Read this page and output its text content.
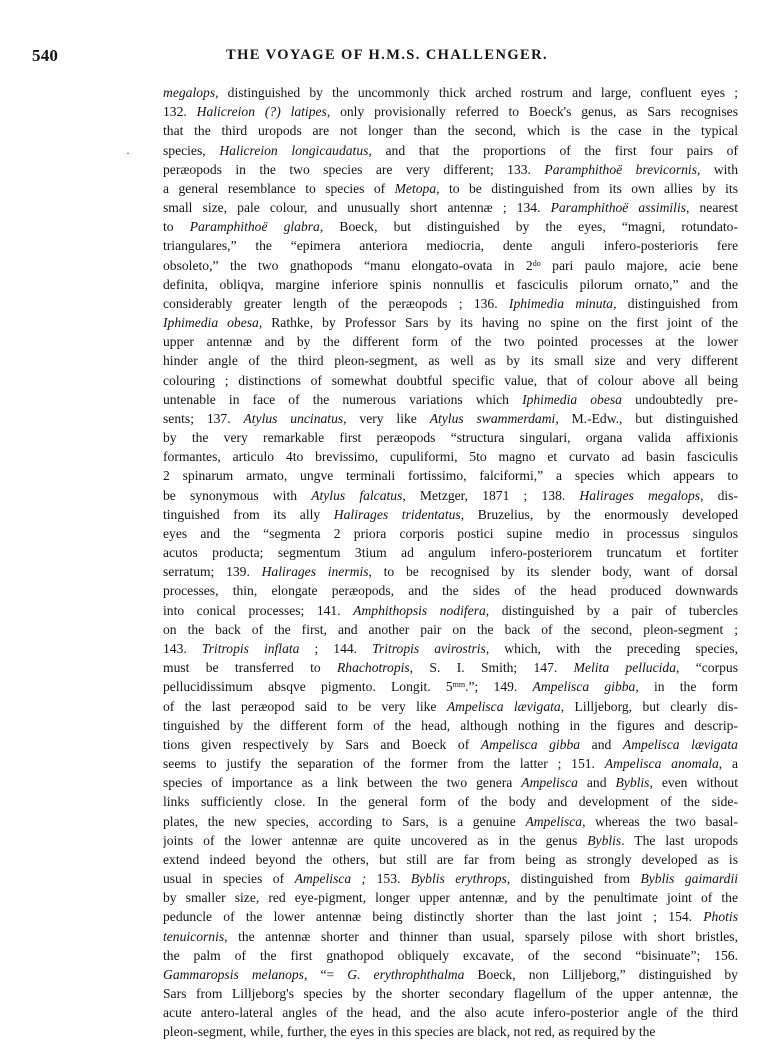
540	THE VOYAGE OF H.M.S. CHALLENGER.
·
megalops, distinguished by the uncommonly thick arched rostrum and large, confluent eyes ;
132. Halicreion (?) latipes, only provisionally referred to Boeck's genus, as Sars recognises
that the third uropods are not longer than the second, which is the case in the typical
species, Halicreion longicaudatus, and that the proportions of the first four pairs of
peræopods in the two species are very different; 133. Paramphithoë brevicornis, with
a general resemblance to species of Metopa, to be distinguished from its own allies by its
small size, pale colour, and unusually short antennæ ; 134. Paramphithoë assimilis, nearest
to Paramphithoë glabra, Boeck, but distinguished by the eyes, “magni, rotundato-
triangulares,” the “epimera anteriora mediocria, dente anguli infero-posterioris fere
obsoleto,” the two gnathopods “manu elongato-ovata in $2^{do}$ pari paulo majore, acie bene
definita, obliqva, margine inferiore spinis nonnullis et fasciculis pilorum ornato,” and the
considerably greater length of the peræopods ; 136. Iphimedia minuta, distinguished from
Iphimedia obesa, Rathke, by Professor Sars by its having no spine on the first joint of the
upper antennæ and by the different form of the two pointed processes at the lower
hinder angle of the third pleon-segment, as well as by its small size and very different
colouring ; distinctions of somewhat doubtful specific value, that of colour above all being
untenable in face of the numerous variations which Iphimedia obesa undoubtedly pre-
sents; 137. Atylus uncinatus, very like Atylus swammerdami, M.-Edw., but distinguished
by the very remarkable first peræopods “structura singulari, organa valida affixionis
formantes, articulo 4to brevissimo, cupuliformi, 5to magno et curvato ad basin fasciculis
2 spinarum armato, ungve terminali fortissimo, falciformi,” a species which appears to
be synonymous with Atylus falcatus, Metzger, 1871 ; 138. Halirages megalops, dis-
tinguished from its ally Halirages tridentatus, Bruzelius, by the enormously developed
eyes and the “segmenta 2 priora corporis postici supine medio in processus singulos
acutos producta; segmentum 3tium ad angulum infero-posteriorem truncatum et fortiter
serratum; 139. Halirages inermis, to be recognised by its slender body, want of dorsal
processes, thin, elongate peræopods, and the sides of the head produced downwards
into conical processes; 141. Amphithopsis nodifera, distinguished by a pair of tubercles
on the back of the first, and another pair on the back of the second, pleon-segment ;
143. Tritropis inflata ; 144. Tritropis avirostris, which, with the preceding species,
must be transferred to Rhachotropis, S. I. Smith; 147. Melita pellucida, “corpus
pellucidissimum absqve pigmento. Longit. $5^{mm}$.”; 149. Ampelisca gibba, in the form
of the last peræopod said to be very like Ampelisca lævigata, Lilljeborg, but clearly dis-
tinguished by the different form of the head, although nothing in the figures and descrip-
tions given respectively by Sars and Boeck of Ampelisca gibba and Ampelisca lævigata
seems to justify the separation of the former from the latter ; 151. Ampelisca anomala, a
species of importance as a link between the two genera Ampelisca and Byblis, even without
links sufficiently close. In the general form of the body and development of the side-
plates, the new species, according to Sars, is a genuine Ampelisca, whereas the two basal-
joints of the lower antennæ are quite uncovered as in the genus Byblis. The last uropods
extend indeed beyond the others, but still are far from being as strongly developed as is
usual in species of Ampelisca ; 153. Byblis erythrops, distinguished from Byblis gaimardii
by smaller size, red eye-pigment, longer upper antennæ, and by the penultimate joint of the
peduncle of the lower antennæ being distinctly shorter than the last joint ; 154. Photis
tenuicornis, the antennæ shorter and thinner than usual, sparsely pilose with short bristles,
the palm of the first gnathopod obliquely excavate, of the second “bisinuate”; 156.
Gammaropsis melanops, “= G. erythrophthalma Boeck, non Lilljeborg,” distinguished by
Sars from Lilljeborg's species by the shorter secondary flagellum of the upper antennæ, the
acute antero-lateral angles of the head, and the also acute infero-posterior angle of the third
pleon-segment, while, further, the eyes in this species are black, not red, as required by the
